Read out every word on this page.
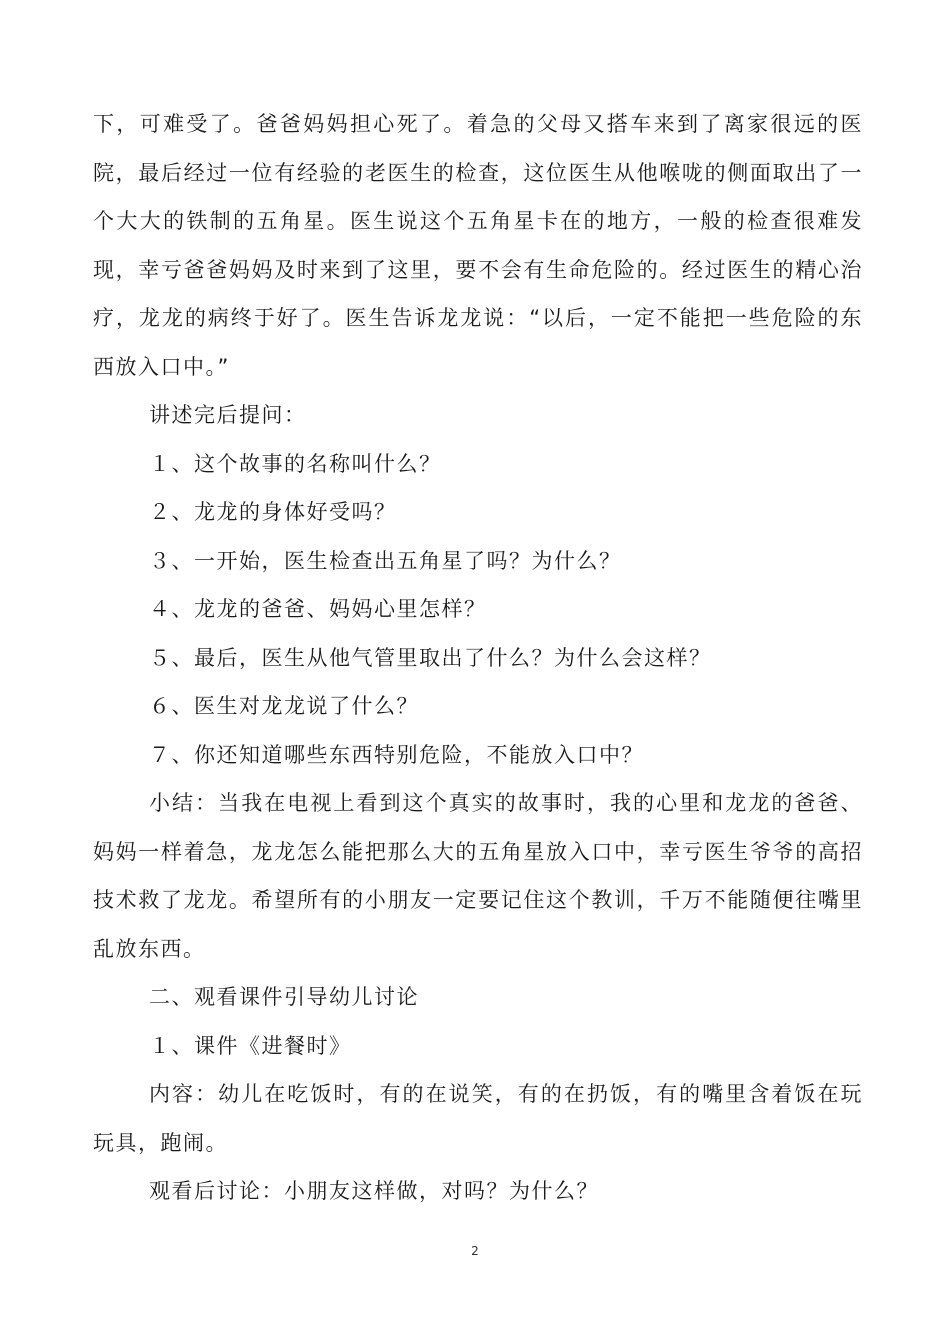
下，可难受了。爸爸妈妈担心死了。着急的父母又搭车来到了离家很远的医
院，最后经过一位有经验的老医生的检查，这位医生从他喉咙的侧面取出了一
个大大的铁制的五角星。医生说这个五角星卡在的地方，一般的检查很难发
现，幸亏爸爸妈妈及时来到了这里，要不会有生命危险的。经过医生的精心治
疗，龙龙的病终于好了。医生告诉龙龙说：“以后，一定不能把一些危险的东
西放入口中。”
讲述完后提问：
１、这个故事的名称叫什么？
２、龙龙的身体好受吗？
３、一开始，医生检查出五角星了吗？为什么？
４、龙龙的爸爸、妈妈心里怎样？
５、最后，医生从他气管里取出了什么？为什么会这样？
６、医生对龙龙说了什么？
７、你还知道哪些东西特别危险，不能放入口中？
小结：当我在电视上看到这个真实的故事时，我的心里和龙龙的爸爸、
妈妈一样着急，龙龙怎么能把那么大的五角星放入口中，幸亏医生爷爷的高招
技术救了龙龙。希望所有的小朋友一定要记住这个教训，千万不能随便往嘴里
乱放东西。
二、观看课件引导幼儿讨论
１、课件《进餐时》
内容：幼儿在吃饭时，有的在说笑，有的在扔饭，有的嘴里含着饭在玩
玩具，跑闹。
观看后讨论：小朋友这样做，对吗？为什么？
2
